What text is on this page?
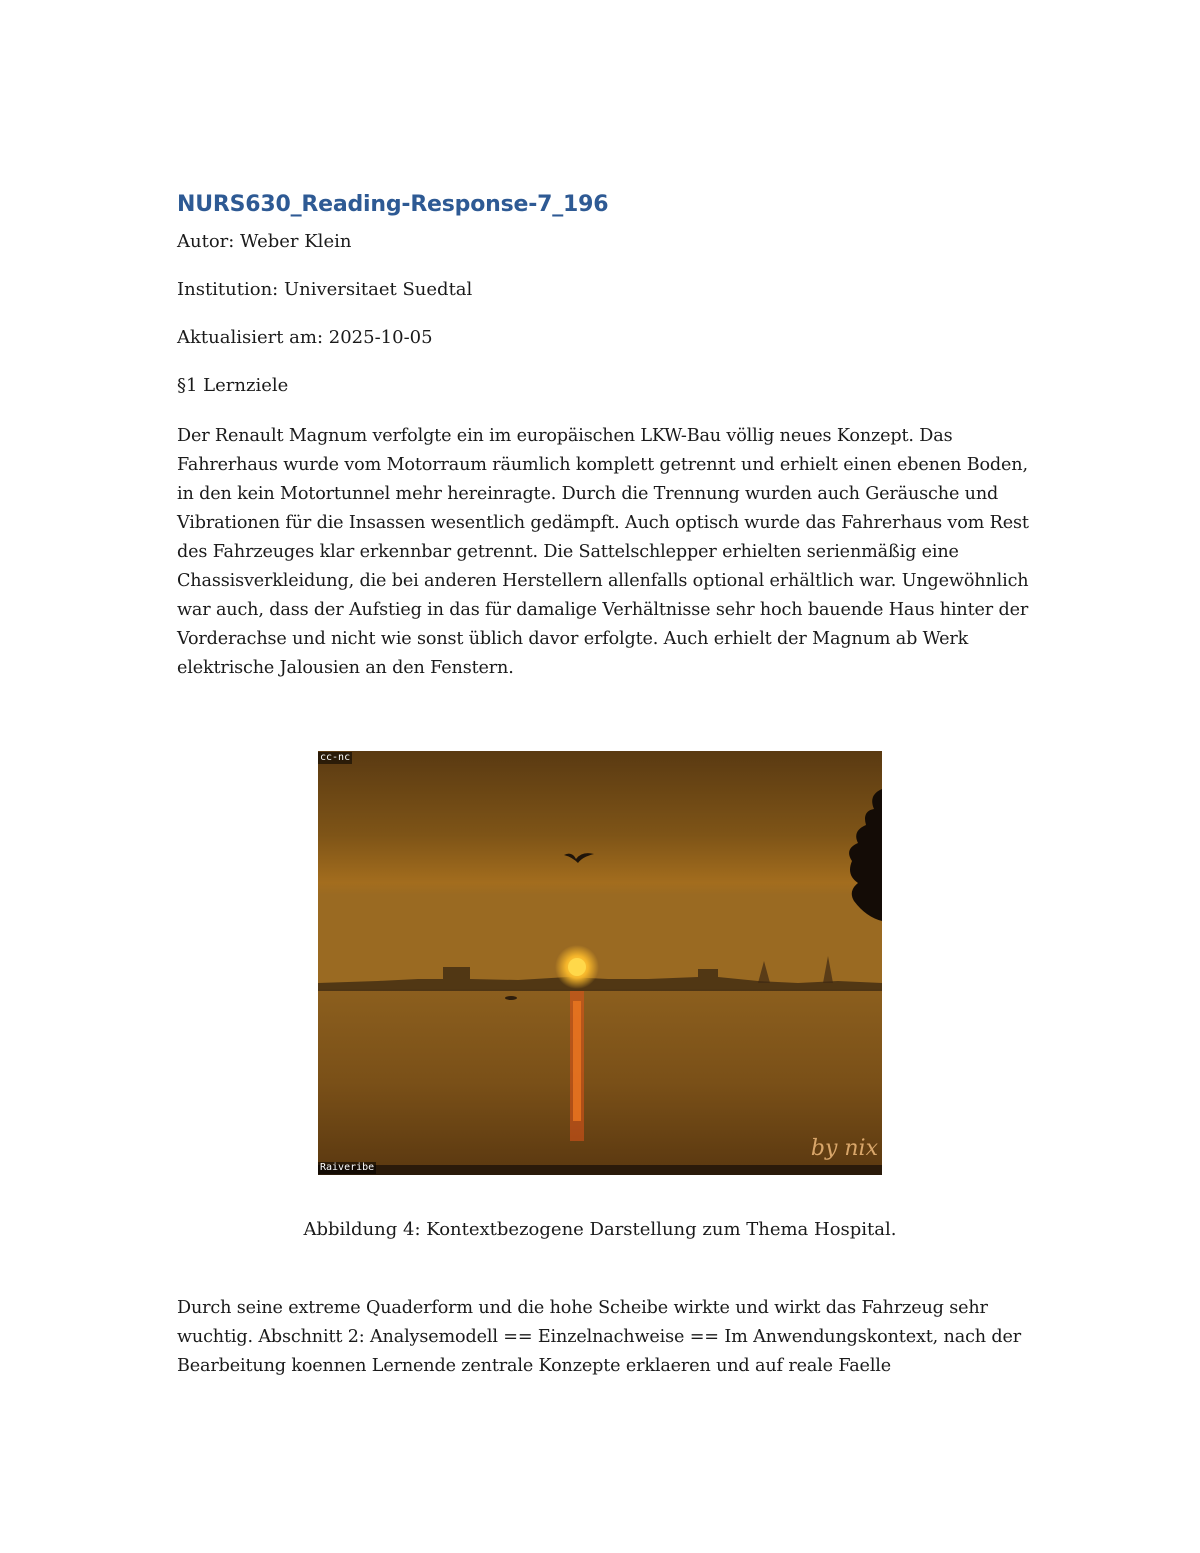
NURS630_Reading-Response-7_196

Autor: Weber Klein

Institution: Universitaet Suedtal

Aktualisiert am: 2025-10-05

§1 Lernziele

Der Renault Magnum verfolgte ein im europäischen LKW-Bau völlig neues Konzept. Das Fahrerhaus wurde vom Motorraum räumlich komplett getrennt und erhielt einen ebenen Boden, in den kein Motortunnel mehr hereinragte. Durch die Trennung wurden auch Geräusche und Vibrationen für die Insassen wesentlich gedämpft. Auch optisch wurde das Fahrerhaus vom Rest des Fahrzeuges klar erkennbar getrennt. Die Sattelschlepper erhielten serienmäßig eine Chassisverkleidung, die bei anderen Herstellern allenfalls optional erhältlich war. Ungewöhnlich war auch, dass der Aufstieg in das für damalige Verhältnisse sehr hoch bauende Haus hinter der Vorderachse und nicht wie sonst üblich davor erfolgte. Auch erhielt der Magnum ab Werk elektrische Jalousien an den Fenstern.

cc-nc
by nix
Raiveribe

Abbildung 4: Kontextbezogene Darstellung zum Thema Hospital.

Durch seine extreme Quaderform und die hohe Scheibe wirkte und wirkt das Fahrzeug sehr wuchtig. Abschnitt 2: Analysemodell == Einzelnachweise == Im Anwendungskontext, nach der Bearbeitung koennen Lernende zentrale Konzepte erklaeren und auf reale Faelle
